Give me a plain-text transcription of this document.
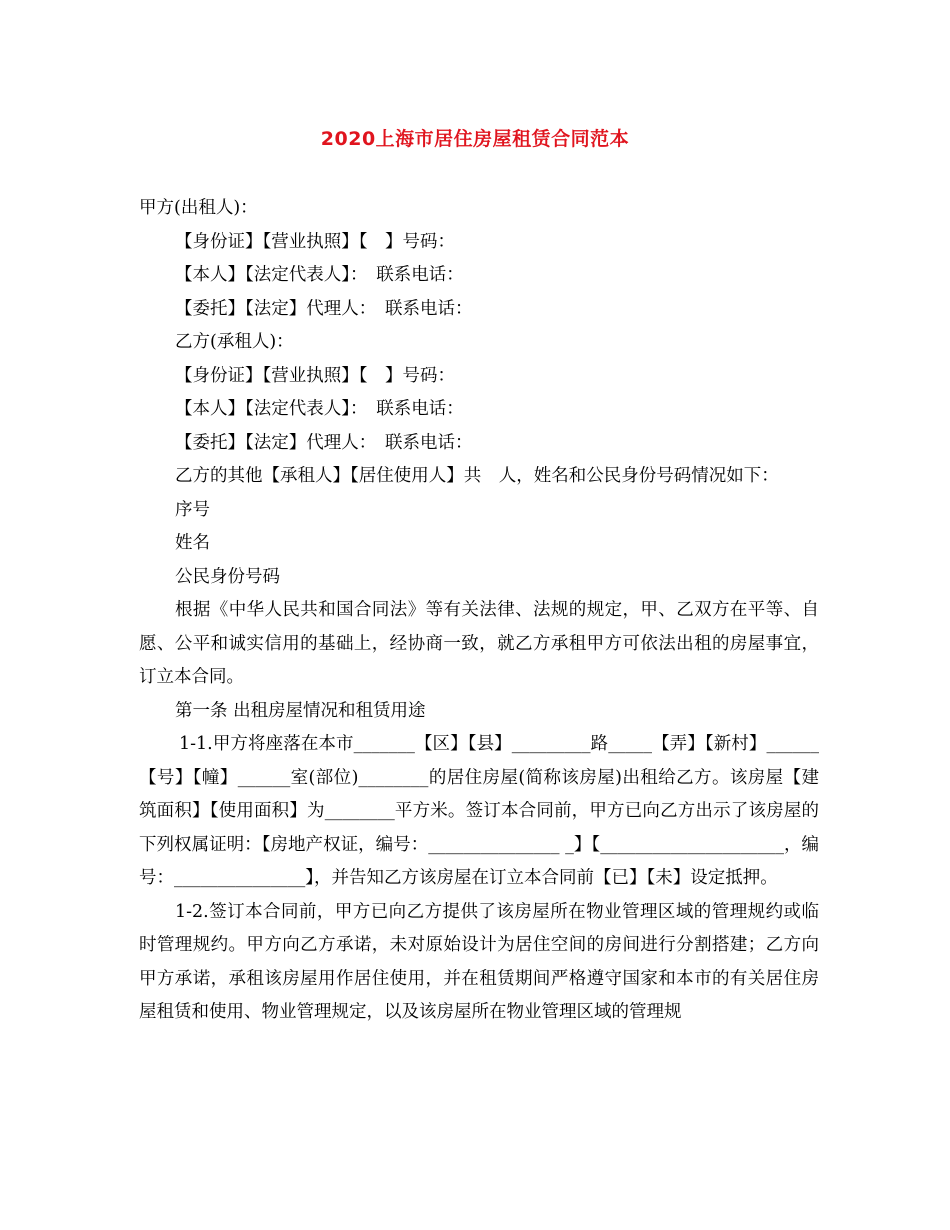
2020上海市居住房屋租赁合同范本
甲方(出租人)：
【身份证】【营业执照】【　】号码：
【本人】【法定代表人】：　联系电话：
【委托】【法定】代理人：　联系电话：
乙方(承租人)：
【身份证】【营业执照】【　】号码：
【本人】【法定代表人】：　联系电话：
【委托】【法定】代理人：　联系电话：
乙方的其他【承租人】【居住使用人】共　人，姓名和公民身份号码情况如下：
序号
姓名
公民身份号码
根据《中华人民共和国合同法》等有关法律、法规的规定，甲、乙双方在平等、自愿、公平和诚实信用的基础上，经协商一致，就乙方承租甲方可依法出租的房屋事宜，订立本合同。
第一条 出租房屋情况和租赁用途
1-1.甲方将座落在本市_______【区】【县】_________路_____【弄】【新村】______【号】【幢】______室(部位)________的居住房屋(简称该房屋)出租给乙方。该房屋【建筑面积】【使用面积】为________平方米。签订本合同前，甲方已向乙方出示了该房屋的下列权属证明：【房地产权证，编号：_______________ _】【_____________________，编号：_______________】，并告知乙方该房屋在订立本合同前【已】【未】设定抵押。
1-2.签订本合同前，甲方已向乙方提供了该房屋所在物业管理区域的管理规约或临时管理规约。甲方向乙方承诺，未对原始设计为居住空间的房间进行分割搭建；乙方向甲方承诺，承租该房屋用作居住使用，并在租赁期间严格遵守国家和本市的有关居住房屋租赁和使用、物业管理规定，以及该房屋所在物业管理区域的管理规
